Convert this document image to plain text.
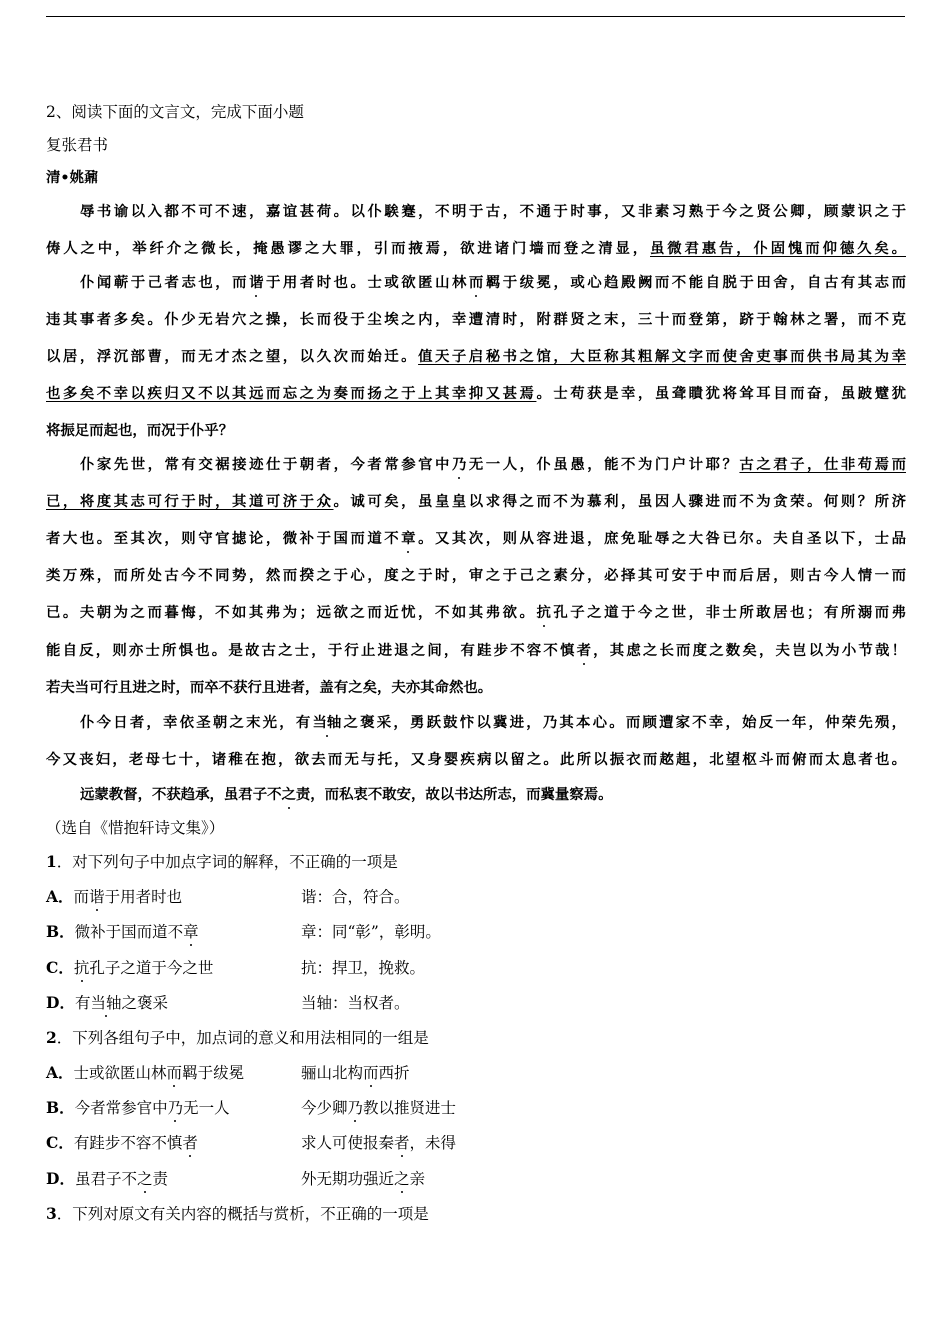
2、阅读下面的文言文，完成下面小题
复张君书
清•姚鼐
辱书谕以入都不可不速，嘉谊甚荷。以仆騃蹇，不明于古，不通于时事，又非素习熟于今之贤公卿，顾蒙识之于
俦人之中，举纤介之微长，掩愚谬之大罪，引而掖焉，欲进诸门墙而登之清显，虽微君惠告，仆固愧而仰德久矣。
仆闻蕲于己者志也，而谐于用者时也。士或欲匿山林而羁于绂冕，或心趋殿阙而不能自脱于田舍，自古有其志而
违其事者多矣。仆少无岩穴之操，长而役于尘埃之内，幸遭清时，附群贤之末，三十而登第，跻于翰林之署，而不克
以居，浮沉部曹，而无才杰之望，以久次而始迁。值天子启秘书之馆，大臣称其粗解文字而使舍吏事而供书局其为幸
也多矣不幸以疾归又不以其远而忘之为奏而扬之于上其幸抑又甚焉。士苟获是幸，虽聋瞶犹将耸耳目而奋，虽跛躄犹
将振足而起也，而况于仆乎？
仆家先世，常有交裾接迹仕于朝者，今者常参官中乃无一人，仆虽愚，能不为门户计耶？古之君子，仕非苟焉而
已，将度其志可行于时，其道可济于众。诚可矣，虽皇皇以求得之而不为慕利，虽因人骤进而不为贪荣。何则？所济
者大也。至其次，则守官摅论，微补于国而道不章。又其次，则从容进退，庶免耻辱之大咎已尔。夫自圣以下，士品
类万殊，而所处古今不同势，然而揆之于心，度之于时，审之于己之素分，必择其可安于中而后居，则古今人情一而
已。夫朝为之而暮悔，不如其弗为；远欲之而近忧，不如其弗欲。抗孔子之道于今之世，非士所敢居也；有所溺而弗
能自反，则亦士所惧也。是故古之士，于行止进退之间，有跬步不容不慎者，其虑之长而度之数矣，夫岂以为小节哉！
若夫当可行且进之时，而卒不获行且进者，盖有之矣，夫亦其命然也。
仆今日者，幸依圣朝之末光，有当轴之褒采，勇跃鼓忭以冀进，乃其本心。而顾遭家不幸，始反一年，仲荣先殒，
今又丧妇，老母七十，诸稚在抱，欲去而无与托，又身婴疾病以留之。此所以振衣而趑趄，北望枢斗而俯而太息者也。
远蒙教督，不获趋承，虽君子不之责，而私衷不敢安，故以书达所志，而冀量察焉。
（选自《惜抱轩诗文集》）
1．对下列句子中加点字词的解释，不正确的一项是
A．而谐于用者时也	谐：合，符合。
B．微补于国而道不章	章：同“彰”，彰明。
C．抗孔子之道于今之世	抗：捍卫，挽救。
D．有当轴之褒采	当轴：当权者。
2．下列各组句子中，加点词的意义和用法相同的一组是
A．士或欲匿山林而羁于绂冕	骊山北构而西折
B．今者常参官中乃无一人	今少卿乃教以推贤进士
C．有跬步不容不慎者	求人可使报秦者，未得
D．虽君子不之责	外无期功强近之亲
3．下列对原文有关内容的概括与赏析，不正确的一项是
